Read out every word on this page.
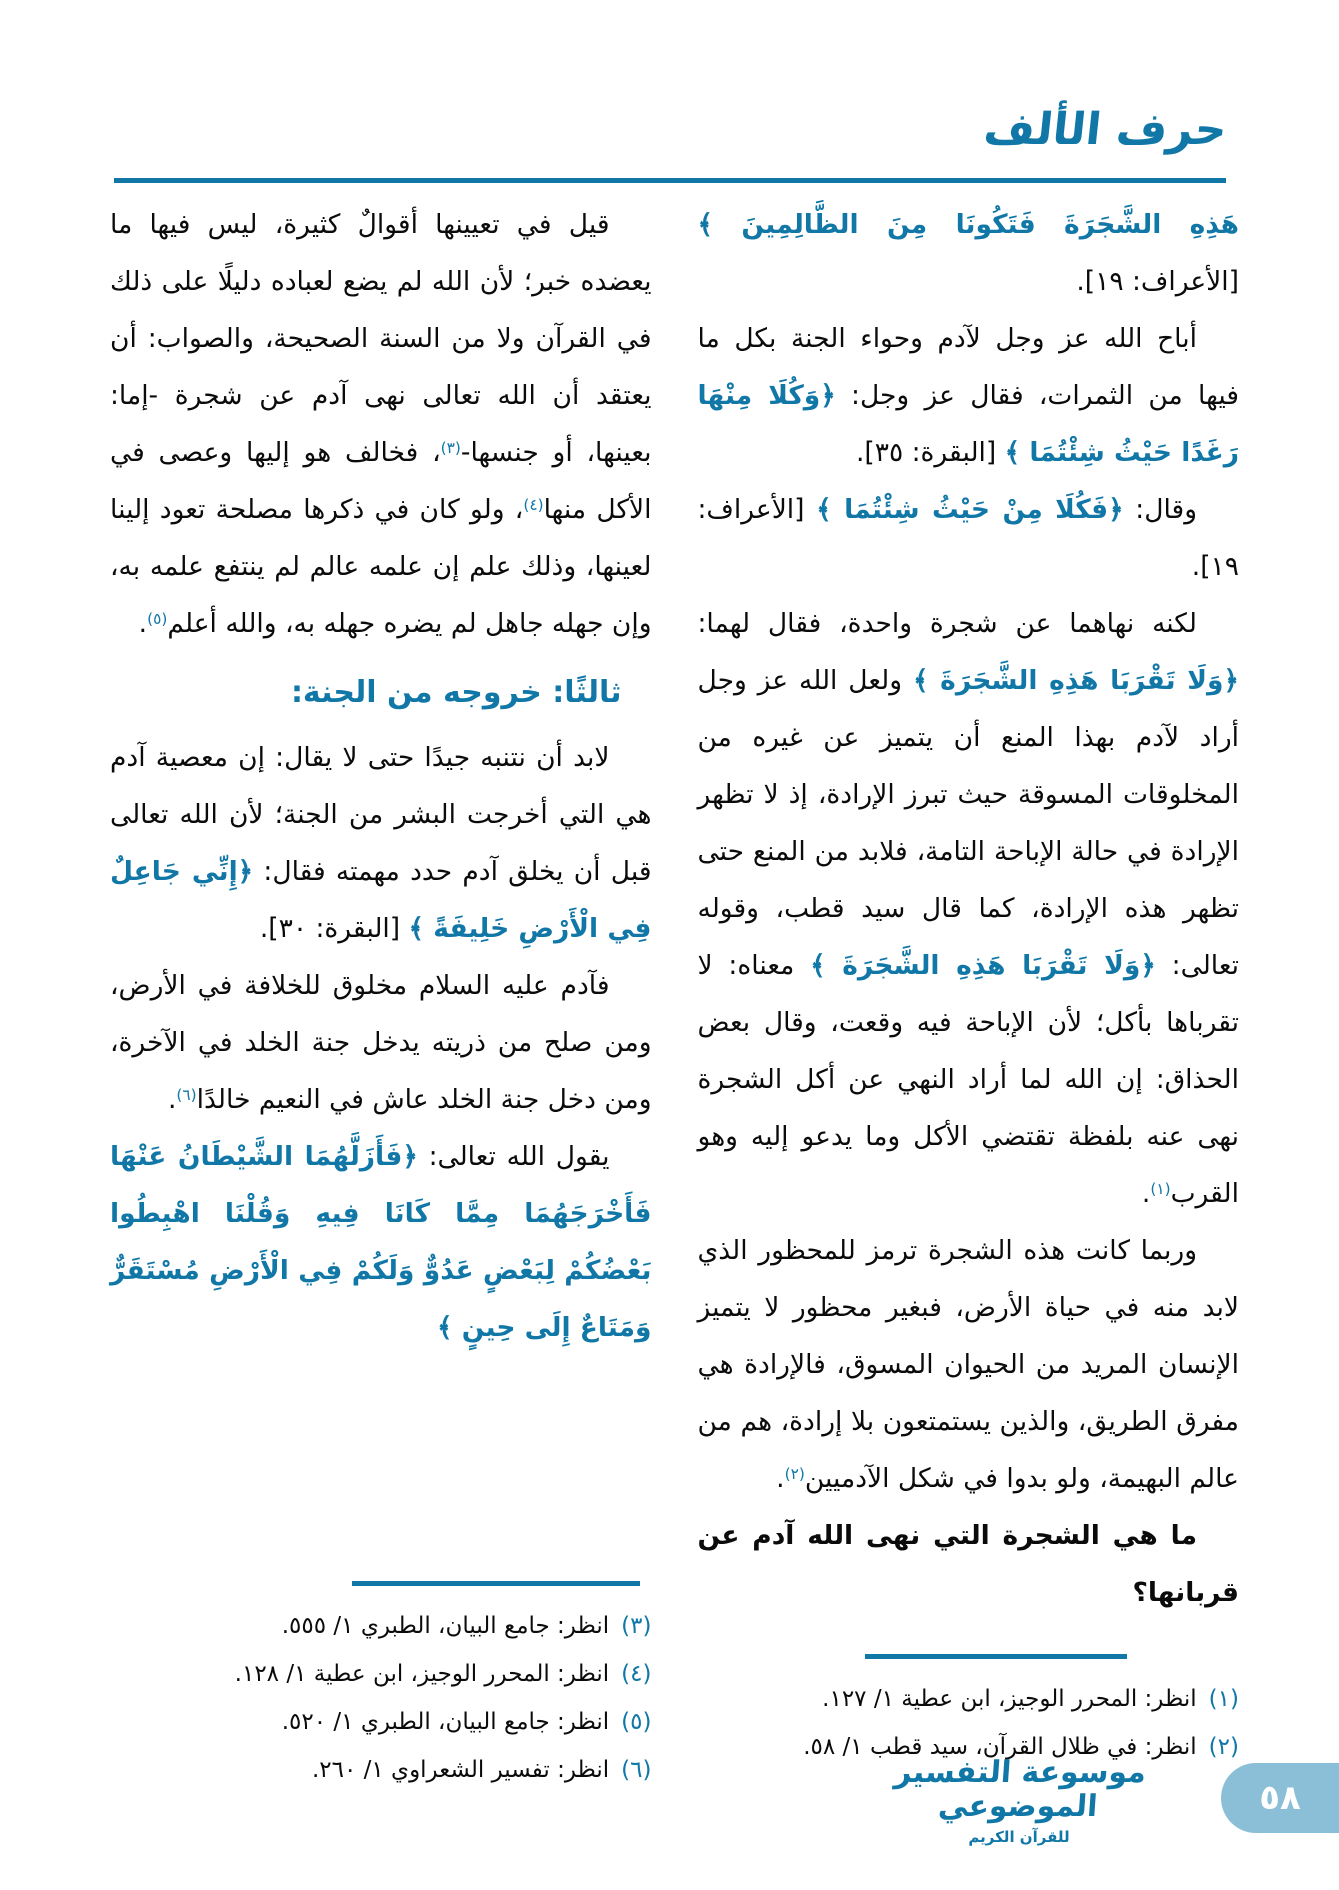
حرف الألف
هَذِهِ الشَّجَرَةَ فَتَكُونَا مِنَ الظَّالِمِينَ ﴾ [الأعراف: ١٩].
أباح الله عز وجل لآدم وحواء الجنة بكل ما فيها من الثمرات، فقال عز وجل: ﴿وَكُلَا مِنْهَا رَغَدًا حَيْثُ شِئْتُمَا ﴾ [البقرة: ٣٥].
وقال: ﴿فَكُلَا مِنْ حَيْثُ شِئْتُمَا ﴾ [الأعراف: ١٩].
لكنه نهاهما عن شجرة واحدة، فقال لهما: ﴿وَلَا تَقْرَبَا هَذِهِ الشَّجَرَةَ ﴾ ولعل الله عز وجل أراد لآدم بهذا المنع أن يتميز عن غيره من المخلوقات المسوقة حيث تبرز الإرادة، إذ لا تظهر الإرادة في حالة الإباحة التامة، فلابد من المنع حتى تظهر هذه الإرادة، كما قال سيد قطب، وقوله تعالى: ﴿وَلَا تَقْرَبَا هَذِهِ الشَّجَرَةَ ﴾ معناه: لا تقرباها بأكل؛ لأن الإباحة فيه وقعت، وقال بعض الحذاق: إن الله لما أراد النهي عن أكل الشجرة نهى عنه بلفظة تقتضي الأكل وما يدعو إليه وهو القرب$^{(١)}$.
وربما كانت هذه الشجرة ترمز للمحظور الذي لابد منه في حياة الأرض، فبغير محظور لا يتميز الإنسان المريد من الحيوان المسوق، فالإرادة هي مفرق الطريق، والذين يستمتعون بلا إرادة، هم من عالم البهيمة، ولو بدوا في شكل الآدميين$^{(٢)}$.
ما هي الشجرة التي نهى الله آدم عن قربانها؟
(١)
انظر: المحرر الوجيز، ابن عطية ١/ ١٢٧.
(٢)
انظر: في ظلال القرآن، سيد قطب ١/ ٥٨.
قيل في تعيينها أقوالٌ كثيرة، ليس فيها ما يعضده خبر؛ لأن الله لم يضع لعباده دليلًا على ذلك في القرآن ولا من السنة الصحيحة، والصواب: أن يعتقد أن الله تعالى نهى آدم عن شجرة -إما: بعينها، أو جنسها-$^{(٣)}$، فخالف هو إليها وعصى في الأكل منها$^{(٤)}$، ولو كان في ذكرها مصلحة تعود إلينا لعينها، وذلك علم إن علمه عالم لم ينتفع علمه به، وإن جهله جاهل لم يضره جهله به، والله أعلم$^{(٥)}$.
ثالثًا: خروجه من الجنة:
لابد أن نتنبه جيدًا حتى لا يقال: إن معصية آدم هي التي أخرجت البشر من الجنة؛ لأن الله تعالى قبل أن يخلق آدم حدد مهمته فقال: ﴿إِنِّي جَاعِلٌ فِي الْأَرْضِ خَلِيفَةً ﴾ [البقرة: ٣٠].
فآدم عليه السلام مخلوق للخلافة في الأرض، ومن صلح من ذريته يدخل جنة الخلد في الآخرة، ومن دخل جنة الخلد عاش في النعيم خالدًا$^{(٦)}$.
يقول الله تعالى: ﴿فَأَزَلَّهُمَا الشَّيْطَانُ عَنْهَا فَأَخْرَجَهُمَا مِمَّا كَانَا فِيهِ وَقُلْنَا اهْبِطُوا بَعْضُكُمْ لِبَعْضٍ عَدُوٌّ وَلَكُمْ فِي الْأَرْضِ مُسْتَقَرٌّ وَمَتَاعٌ إِلَى حِينٍ ﴾
(٣)
انظر: جامع البيان، الطبري ١/ ٥٥٥.
(٤)
انظر: المحرر الوجيز، ابن عطية ١/ ١٢٨.
(٥)
انظر: جامع البيان، الطبري ١/ ٥٢٠.
(٦)
انظر: تفسير الشعراوي ١/ ٢٦٠.	موسوعة التفسير الموضوعي
للقرآن الكريم
٥٨
